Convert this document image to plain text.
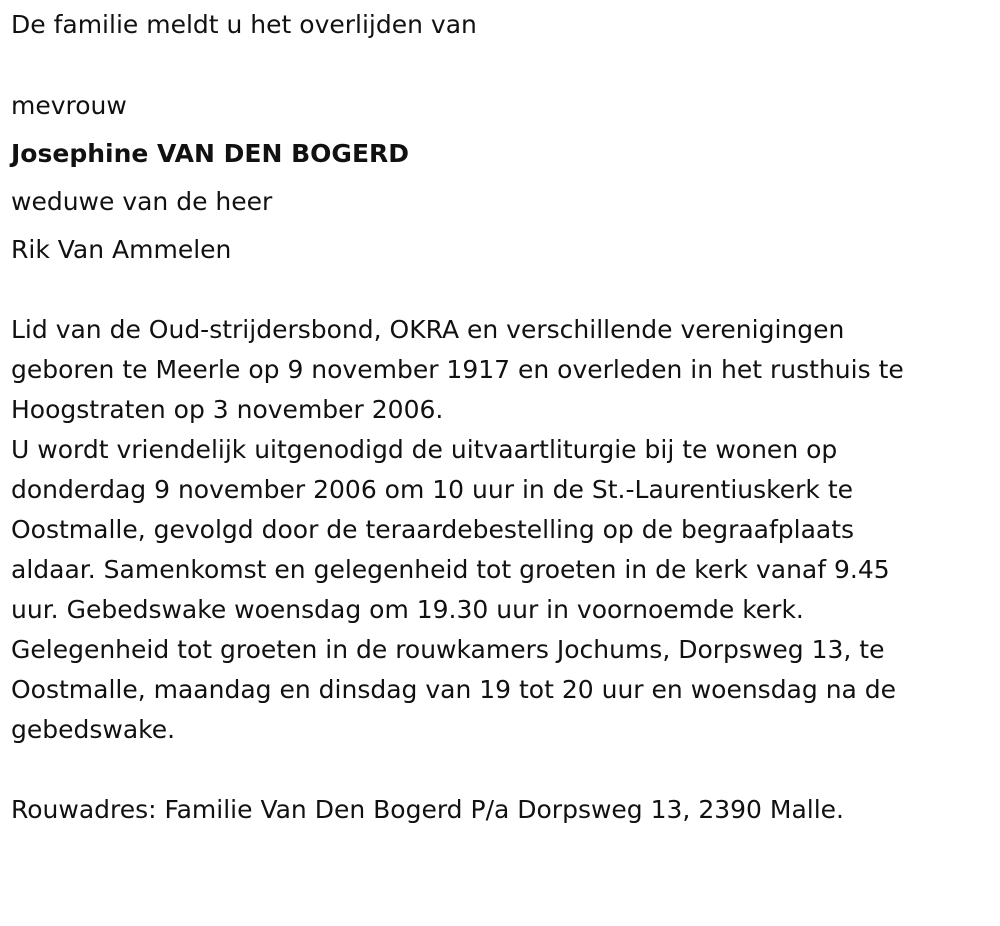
De familie meldt u het overlijden van

mevrouw

Josephine VAN DEN BOGERD

weduwe van de heer

Rik Van Ammelen

Lid van de Oud-strijdersbond, OKRA en verschillende verenigingen

geboren te Meerle op 9 november 1917 en overleden in het rusthuis te
Hoogstraten op 3 november 2006.
U wordt vriendelijk uitgenodigd de uitvaartliturgie bij te wonen op
donderdag 9 november 2006 om 10 uur in de St.-Laurentiuskerk te
Oostmalle, gevolgd door de teraardebestelling op de begraafplaats
aldaar. Samenkomst en gelegenheid tot groeten in de kerk vanaf 9.45
uur. Gebedswake woensdag om 19.30 uur in voornoemde kerk.
Gelegenheid tot groeten in de rouwkamers Jochums, Dorpsweg 13, te
Oostmalle, maandag en dinsdag van 19 tot 20 uur en woensdag na de
gebedswake.

Rouwadres: Familie Van Den Bogerd P/a Dorpsweg 13, 2390 Malle.
